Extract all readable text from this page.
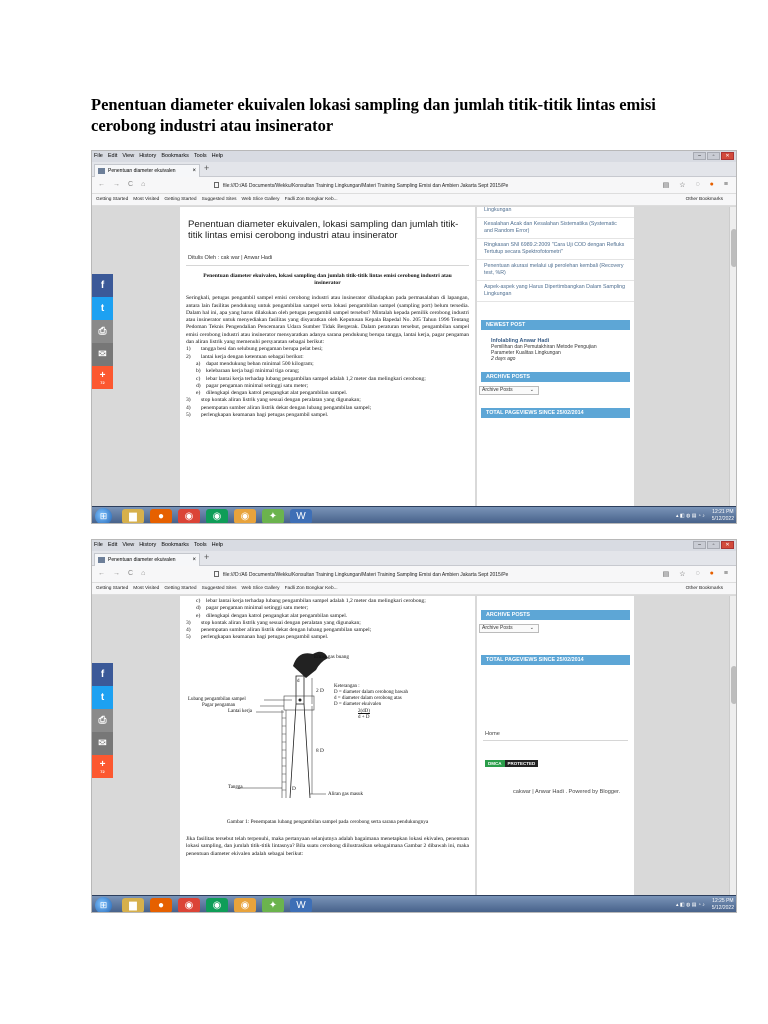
Penentuan diameter ekuivalen lokasi sampling dan jumlah titik-titik lintas emisi cerobong industri atau insinerator
File Edit View History Bookmarks Tools Help	–	▫	✕
Penentuan diameter ekuivalen	× +
← → C ⌂	file:///D:/A6 Documents/Wekku/Konsultan Training Lingkungan/Materi Training Sampling Emisi dan Ambien Jakarta Sept 2015/Pe	▤ ☆ ◌ ● ≡
Getting Started Most Visited Getting Started Suggested Sites Web Slice Gallery Fadli Zon Bongkar Keb...	Other Bookmarks
f
t
⎙
✉
+
72
Penentuan diameter ekuivalen, lokasi sampling dan jumlah titik-titik lintas emisi cerobong industri atau insinerator
Ditulis Oleh : cak war | Anwar Hadi
Penentuan diameter ekuivalen, lokasi sampling dan jumlah titik-titik lintas emisi cerobong industri atau insinerator
Seringkali, petugas pengambil sampel emisi cerobong industri atau insinerator dihadapkan pada permasalahan di lapangan, antara lain fasilitas pendukung untuk pengambilan sampel serta lokasi pengambilan sampel (sampling port) belum tersedia. Dalam hal ini, apa yang harus dilakukan oleh petugas pengambil sampel tersebut? Mintalah kepada pemilik cerobong industri atau insinerator untuk menyediakan fasilitas yang disyaratkan oleh Keputusan Kepala Bapedal No. 205 Tahun 1996 Tentang Pedoman Teknis Pengendalian Pencemaran Udara Sumber Tidak Bergerak. Dalam peraturan tersebut, pengambilan sampel emisi cerobong industri atau insinerator mensyaratkan adanya sarana pendukung berupa tangga, lantai kerja, pagar pengaman dan aliran listrik yang memenuhi persyaratan sebagai berikut:
1)	tangga besi dan selubung pengaman berupa pelat besi;
2)	lantai kerja dengan ketentuan sebagai berikut:
a)	dapat mendukung beban minimal 500 kilogram;
b) kelebaraan kerja bagi minimal tiga orang;
c)	lebar lantai kerja terhadap lubang pengambilan sampel adalah 1,2 meter dan melingkari cerobong;
d) pagar pengaman minimal setinggi satu meter;
e)	dilengkapi dengan katrol pengangkat alat pengambilan sampel.
3)	stop kontak aliran listrik yang sesuai dengan peralatan yang digunakan;
4)	penempatan sumber aliran listrik dekat dengan lubang pengambilan sampel;
5)	perlengkapan keamanan bagi petugas pengambil sampel.
Lingkungan
Kesalahan Acak dan Kesalahan Sistematika (Systematic and Random Error)
Ringkasan SNI 6989.2:2009 "Cara Uji COD dengan Refluks Tertutup secara Spektrofotometri"
Penentuan akurasi melalui uji perolehan kembali (Recovery test, %R)
Aspek-aspek yang Harus Dipertimbangkan Dalam Sampling Lingkungan
NEWEST POST
Infolabling Anwar Hadi
Pemilihan dan Pemutakhiran Metode Pengujian Parameter Kualitas Lingkungan
2 days ago
ARCHIVE POSTS
Archive Posts	⌄
TOTAL PAGEVIEWS SINCE 25/02/2014
⊞	▆	●	◉	◉	◉	✦	W	▴ ◧ ◍ ▤ ◔ ♪
12:21 PM
5/12/2022
File Edit View History Bookmarks Tools Help	–	▫	✕
Penentuan diameter ekuivalen	× +
← → C ⌂	file:///D:/A6 Documents/Wekku/Konsultan Training Lingkungan/Materi Training Sampling Emisi dan Ambien Jakarta Sept 2015/Pe	▤ ☆ ◌ ● ≡
Getting Started Most Visited Getting Started Suggested Sites Web Slice Gallery Fadli Zon Bongkar Keb...	Other Bookmarks
f
t
⎙
✉
+
72
c)	lebar lantai kerja terhadap lubang pengambilan sampel adalah 1,2 meter dan melingkari cerobong;
d) pagar pengaman minimal setinggi satu meter;
e)	dilengkapi dengan katrol pengangkat alat pengambilan sampel.
3)	stop kontak aliran listrik yang sesuai dengan peralatan yang digunakan;
4)	penempatan sumber aliran listrik dekat dengan lubang pengambilan sampel;
5)	perlengkapan keamanan bagi petugas pengambil sampel.
Emisi gas buang
d
2 D
8 D
D
Keterangan :
D = diameter dalam cerobong bawah
d = diameter dalam cerobong atas
D = diameter ekuivalen
2(dD)
d + D
Lubang pengambilan sampel
Pagar pengaman
Lantai kerja
Tangga
Aliran gas masuk
Gambar 1: Penempatan lubang pengambilan sampel pada cerobong serta sarana pendukungnya
Jika fasilitas tersebut telah terpenuhi, maka pertanyaan selanjutnya adalah bagaimana menetapkan lokasi ekivalen, penentuan lokasi sampling, dan jumlah titik-titik lintasnya? Bila suatu cerobong diilustrasikan sebagaimana Gambar 2 dibawah ini, maka penentuan diameter ekivalen adalah sebagai berikut:
ARCHIVE POSTS
Archive Posts	⌄
TOTAL PAGEVIEWS SINCE 25/02/2014
Home
DMCA	PROTECTED
cakwar | Anwar Hadi . Powered by Blogger.
⊞	▆	●	◉	◉	◉	✦	W	▴ ◧ ◍ ▤ ◔ ♪
12:25 PM
5/12/2022
